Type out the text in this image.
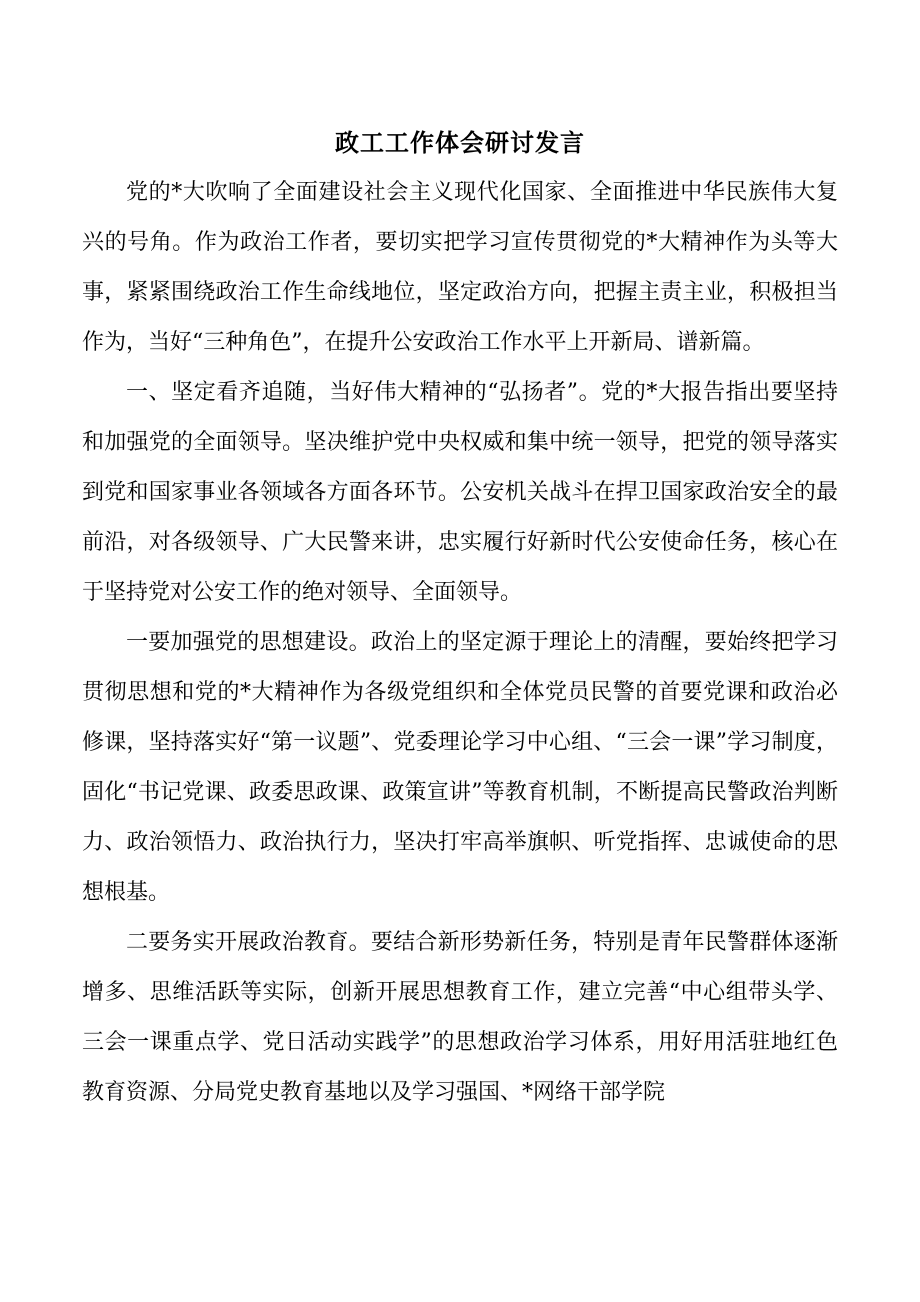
政工工作体会研讨发言

党的*大吹响了全面建设社会主义现代化国家、全面推进中华民族伟大复兴的号角。作为政治工作者，要切实把学习宣传贯彻党的*大精神作为头等大事，紧紧围绕政治工作生命线地位，坚定政治方向，把握主责主业，积极担当作为，当好“三种角色”，在提升公安政治工作水平上开新局、谱新篇。

一、坚定看齐追随，当好伟大精神的“弘扬者”。党的*大报告指出要坚持和加强党的全面领导。坚决维护党中央权威和集中统一领导，把党的领导落实到党和国家事业各领域各方面各环节。公安机关战斗在捍卫国家政治安全的最前沿，对各级领导、广大民警来讲，忠实履行好新时代公安使命任务，核心在于坚持党对公安工作的绝对领导、全面领导。

一要加强党的思想建设。政治上的坚定源于理论上的清醒，要始终把学习贯彻思想和党的*大精神作为各级党组织和全体党员民警的首要党课和政治必修课，坚持落实好“第一议题”、党委理论学习中心组、“三会一课”学习制度，固化“书记党课、政委思政课、政策宣讲”等教育机制，不断提高民警政治判断力、政治领悟力、政治执行力，坚决打牢高举旗帜、听党指挥、忠诚使命的思想根基。

二要务实开展政治教育。要结合新形势新任务，特别是青年民警群体逐渐增多、思维活跃等实际，创新开展思想教育工作，建立完善“中心组带头学、三会一课重点学、党日活动实践学”的思想政治学习体系，用好用活驻地红色教育资源、分局党史教育基地以及学习强国、*网络干部学院
